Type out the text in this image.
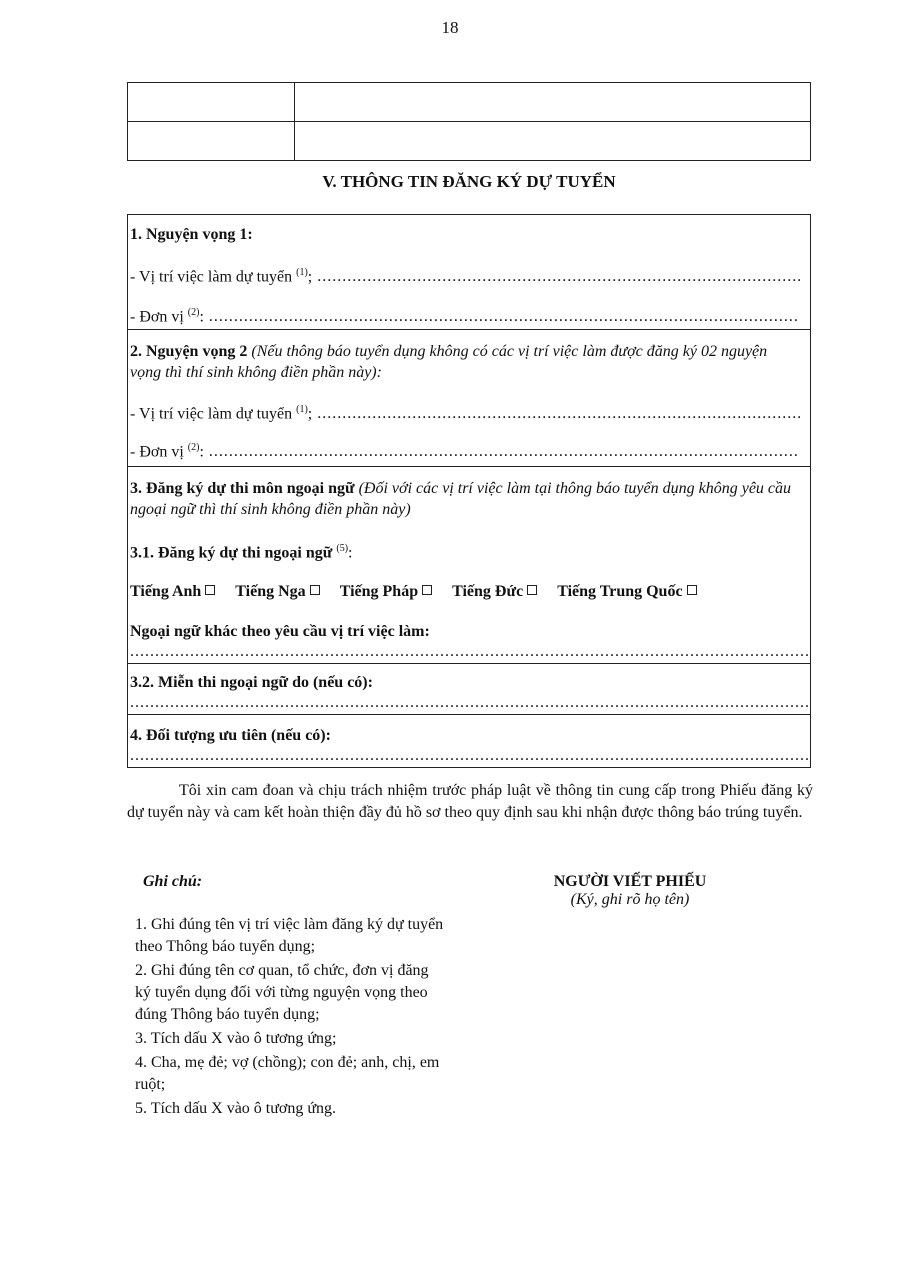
18

V. THÔNG TIN ĐĂNG KÝ DỰ TUYỂN
1. Nguyện vọng 1:
- Vị trí việc làm dự tuyển $^{(1)}$; .....
- Đơn vị $^{(2)}$: .....
2. Nguyện vọng 2 (Nếu thông báo tuyển dụng không có các vị trí việc làm được đăng ký 02 nguyện vọng thì thí sinh không điền phần này):
- Vị trí việc làm dự tuyển $^{(1)}$; .....
- Đơn vị $^{(2)}$: .....
3. Đăng ký dự thi môn ngoại ngữ (Đối với các vị trí việc làm tại thông báo tuyển dụng không yêu cầu ngoại ngữ thì thí sinh không điền phần này)
3.1. Đăng ký dự thi ngoại ngữ $^{(5)}$:
Tiếng Anh	Tiếng Nga	Tiếng Pháp	Tiếng Đức	Tiếng Trung Quốc
Ngoại ngữ khác theo yêu cầu vị trí việc làm:
.....
3.2. Miễn thi ngoại ngữ do (nếu có):
.....
4. Đối tượng ưu tiên (nếu có):
.....
Tôi xin cam đoan và chịu trách nhiệm trước pháp luật về thông tin cung cấp trong Phiếu đăng ký dự tuyển này và cam kết hoàn thiện đầy đủ hồ sơ theo quy định sau khi nhận được thông báo trúng tuyển.
Ghi chú:
1. Ghi đúng tên vị trí việc làm đăng ký dự tuyển theo Thông báo tuyển dụng;
2. Ghi đúng tên cơ quan, tổ chức, đơn vị đăng ký tuyển dụng đối với từng nguyện vọng theo đúng Thông báo tuyển dụng;
3. Tích dấu X vào ô tương ứng;
4. Cha, mẹ đẻ; vợ (chồng); con đẻ; anh, chị, em ruột;
5. Tích dấu X vào ô tương ứng.
NGƯỜI VIẾT PHIẾU
(Ký, ghi rõ họ tên)
